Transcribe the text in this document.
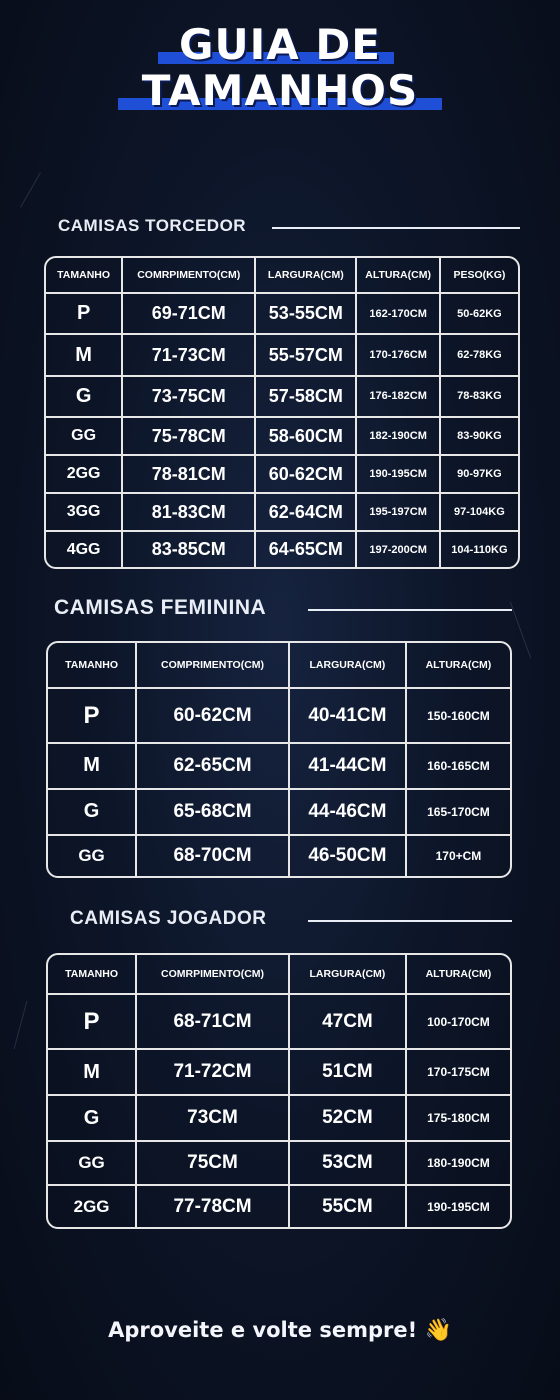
GUIA DE
TAMANHOS
CAMISAS TORCEDOR
TAMANHO	COMRPIMENTO(CM)	LARGURA(CM)	ALTURA(CM)	PESO(KG)
P	69-71CM	53-55CM	162-170CM	50-62KG
M	71-73CM	55-57CM	170-176CM	62-78KG
G	73-75CM	57-58CM	176-182CM	78-83KG
GG	75-78CM	58-60CM	182-190CM	83-90KG
2GG	78-81CM	60-62CM	190-195CM	90-97KG
3GG	81-83CM	62-64CM	195-197CM	97-104KG
4GG	83-85CM	64-65CM	197-200CM	104-110KG
CAMISAS FEMININA
TAMANHO	COMPRIMENTO(CM)	LARGURA(CM)	ALTURA(CM)
P	60-62CM	40-41CM	150-160CM
M	62-65CM	41-44CM	160-165CM
G	65-68CM	44-46CM	165-170CM
GG	68-70CM	46-50CM	170+CM
CAMISAS JOGADOR
TAMANHO	COMRPIMENTO(CM)	LARGURA(CM)	ALTURA(CM)
P	68-71CM	47CM	100-170CM
M	71-72CM	51CM	170-175CM
G	73CM	52CM	175-180CM
GG	75CM	53CM	180-190CM
2GG	77-78CM	55CM	190-195CM
Aproveite e volte sempre! 👋
